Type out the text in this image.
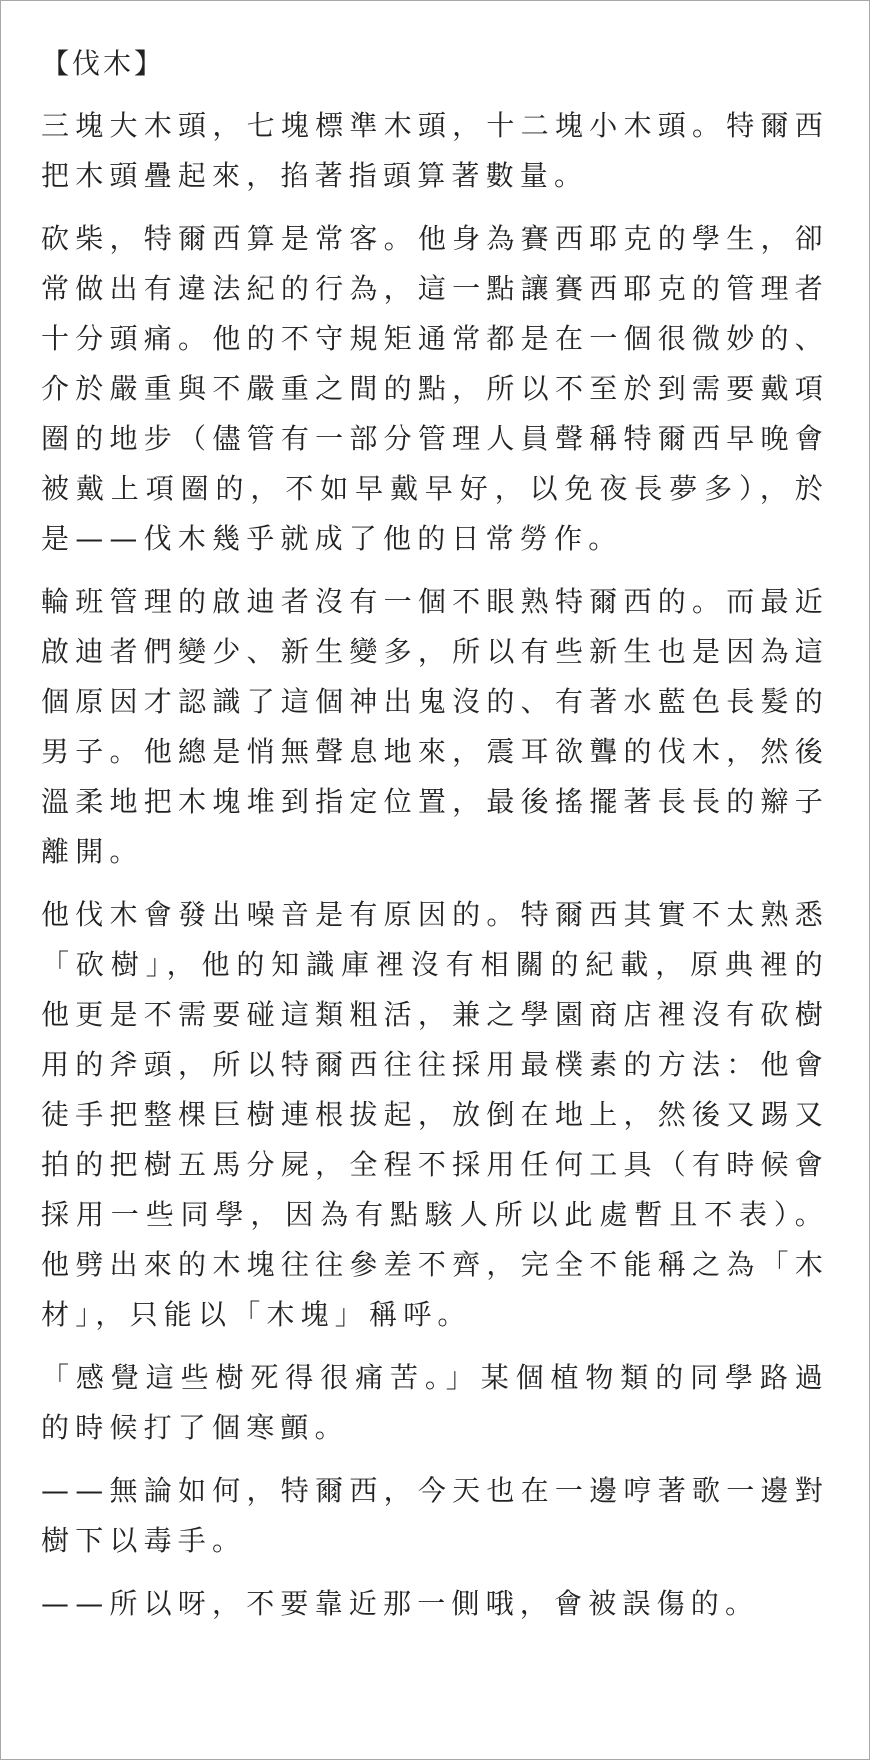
【伐木】

三塊大木頭，七塊標準木頭，十二塊小木頭。特爾西把木頭疊起來，掐著指頭算著數量。

砍柴，特爾西算是常客。他身為賽西耶克的學生，卻常做出有違法紀的行為，這一點讓賽西耶克的管理者十分頭痛。他的不守規矩通常都是在一個很微妙的、介於嚴重與不嚴重之間的點，所以不至於到需要戴項圈的地步（儘管有一部分管理人員聲稱特爾西早晚會被戴上項圈的，不如早戴早好，以免夜長夢多），於是——伐木幾乎就成了他的日常勞作。

輪班管理的啟迪者沒有一個不眼熟特爾西的。而最近啟迪者們變少、新生變多，所以有些新生也是因為這個原因才認識了這個神出鬼沒的、有著水藍色長髮的男子。他總是悄無聲息地來，震耳欲聾的伐木，然後溫柔地把木塊堆到指定位置，最後搖擺著長長的辮子離開。

他伐木會發出噪音是有原因的。特爾西其實不太熟悉「砍樹」，他的知識庫裡沒有相關的紀載，原典裡的他更是不需要碰這類粗活，兼之學園商店裡沒有砍樹用的斧頭，所以特爾西往往採用最樸素的方法：他會徒手把整棵巨樹連根拔起，放倒在地上，然後又踢又拍的把樹五馬分屍，全程不採用任何工具（有時候會採用一些同學，因為有點駭人所以此處暫且不表）。他劈出來的木塊往往參差不齊，完全不能稱之為「木材」，只能以「木塊」稱呼。

「感覺這些樹死得很痛苦。」某個植物類的同學路過的時候打了個寒顫。

——無論如何，特爾西，今天也在一邊哼著歌一邊對樹下以毒手。

——所以呀，不要靠近那一側哦，會被誤傷的。
